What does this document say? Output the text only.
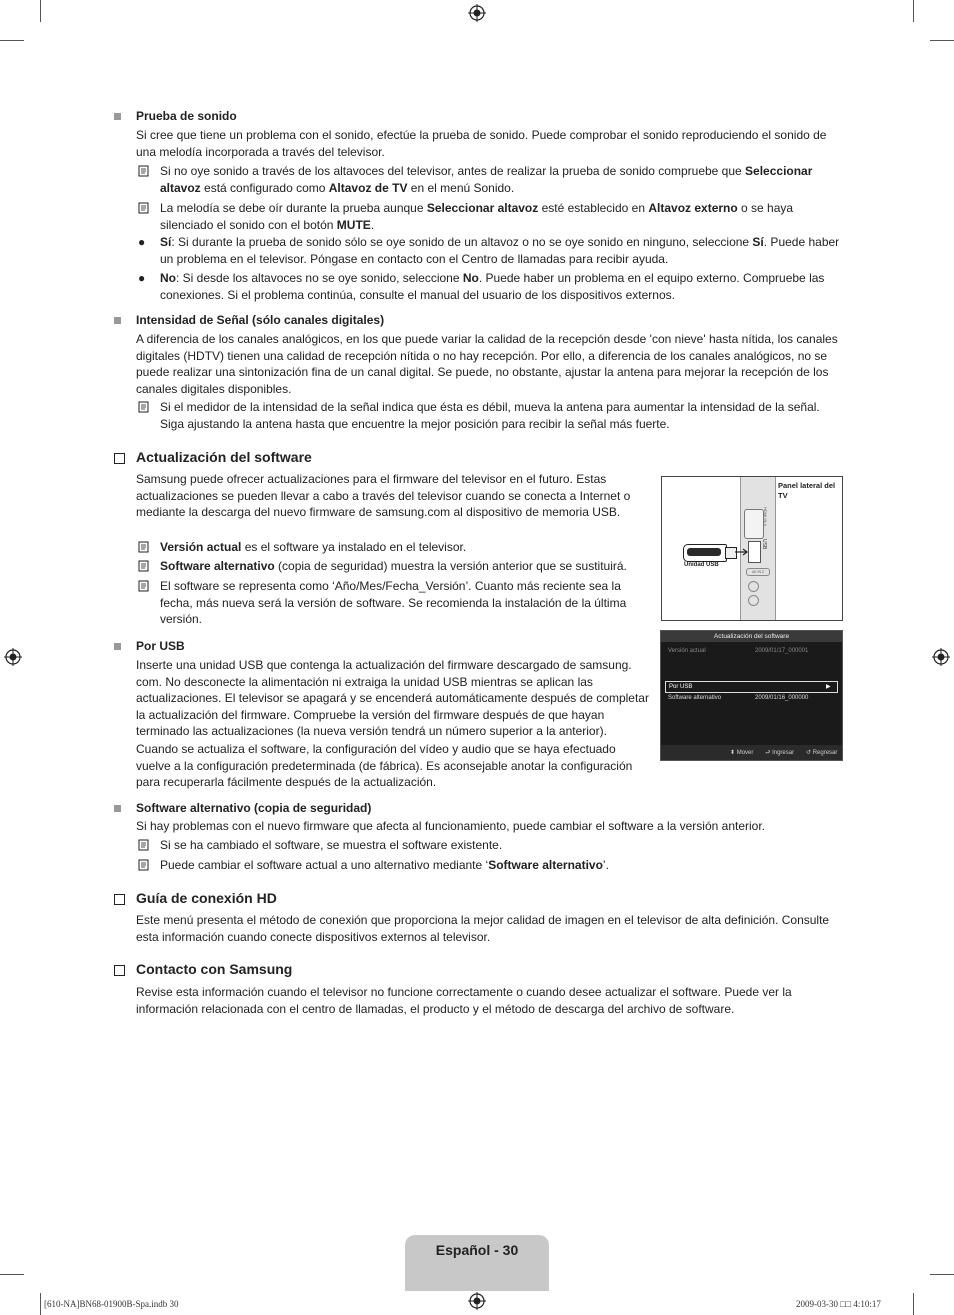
Prueba de sonido
Si cree que tiene un problema con el sonido, efectúe la prueba de sonido. Puede comprobar el sonido reproduciendo el sonido de una melodía incorporada a través del televisor.
Si no oye sonido a través de los altavoces del televisor, antes de realizar la prueba de sonido compruebe que Seleccionar altavoz está configurado como Altavoz de TV en el menú Sonido.
La melodía se debe oír durante la prueba aunque Seleccionar altavoz esté establecido en Altavoz externo o se haya silenciado el sonido con el botón MUTE.
● Sí: Si durante la prueba de sonido sólo se oye sonido de un altavoz o no se oye sonido en ninguno, seleccione Sí. Puede haber un problema en el televisor. Póngase en contacto con el Centro de llamadas para recibir ayuda.
● No: Si desde los altavoces no se oye sonido, seleccione No. Puede haber un problema en el equipo externo. Compruebe las conexiones. Si el problema continúa, consulte el manual del usuario de los dispositivos externos.
Intensidad de Señal (sólo canales digitales)
A diferencia de los canales analógicos, en los que puede variar la calidad de la recepción desde 'con nieve' hasta nítida, los canales digitales (HDTV) tienen una calidad de recepción nítida o no hay recepción. Por ello, a diferencia de los canales analógicos, no se puede realizar una sintonización fina de un canal digital. Se puede, no obstante, ajustar la antena para mejorar la recepción de los canales digitales disponibles.
Si el medidor de la intensidad de la señal indica que ésta es débil, mueva la antena para aumentar la intensidad de la señal. Siga ajustando la antena hasta que encuentre la mejor posición para recibir la señal más fuerte.
Actualización del software
Samsung puede ofrecer actualizaciones para el firmware del televisor en el futuro. Estas actualizaciones se pueden llevar a cabo a través del televisor cuando se conecta a Internet o mediante la descarga del nuevo firmware de samsung.com al dispositivo de memoria USB.
Versión actual es el software ya instalado en el televisor.
Software alternativo (copia de seguridad) muestra la versión anterior que se sustituirá.
El software se representa como ‘Año/Mes/Fecha_Versión’. Cuanto más reciente sea la fecha, más nueva será la versión de software. Se recomienda la instalación de la última versión.
HDMI IN 4
USB
AV IN 2
Unidad USB
Panel lateral del TV
Actualización del software
Versión actual	2009/01/17_000001
Por USB	▶
Software alternativo	2009/01/16_000000
⬍ Mover ⮐ Ingresar ↺ Regresar
Por USB
Inserte una unidad USB que contenga la actualización del firmware descargado de samsung. com. No desconecte la alimentación ni extraiga la unidad USB mientras se aplican las actualizaciones. El televisor se apagará y se encenderá automáticamente después de completar la actualización del firmware. Compruebe la versión del firmware después de que hayan terminado las actualizaciones (la nueva versión tendrá un número superior a la anterior).
Cuando se actualiza el software, la configuración del vídeo y audio que se haya efectuado vuelve a la configuración predeterminada (de fábrica). Es aconsejable anotar la configuración para recuperarla fácilmente después de la actualización.
Software alternativo (copia de seguridad)
Si hay problemas con el nuevo firmware que afecta al funcionamiento, puede cambiar el software a la versión anterior.
Si se ha cambiado el software, se muestra el software existente.
Puede cambiar el software actual a uno alternativo mediante ‘Software alternativo’.
Guía de conexión HD
Este menú presenta el método de conexión que proporciona la mejor calidad de imagen en el televisor de alta definición. Consulte esta información cuando conecte dispositivos externos al televisor.
Contacto con Samsung
Revise esta información cuando el televisor no funcione correctamente o cuando desee actualizar el software. Puede ver la información relacionada con el centro de llamadas, el producto y el método de descarga del archivo de software.
Español - 30
[610-NA]BN68-01900B-Spa.indb 30	2009-03-30 □□ 4:10:17
